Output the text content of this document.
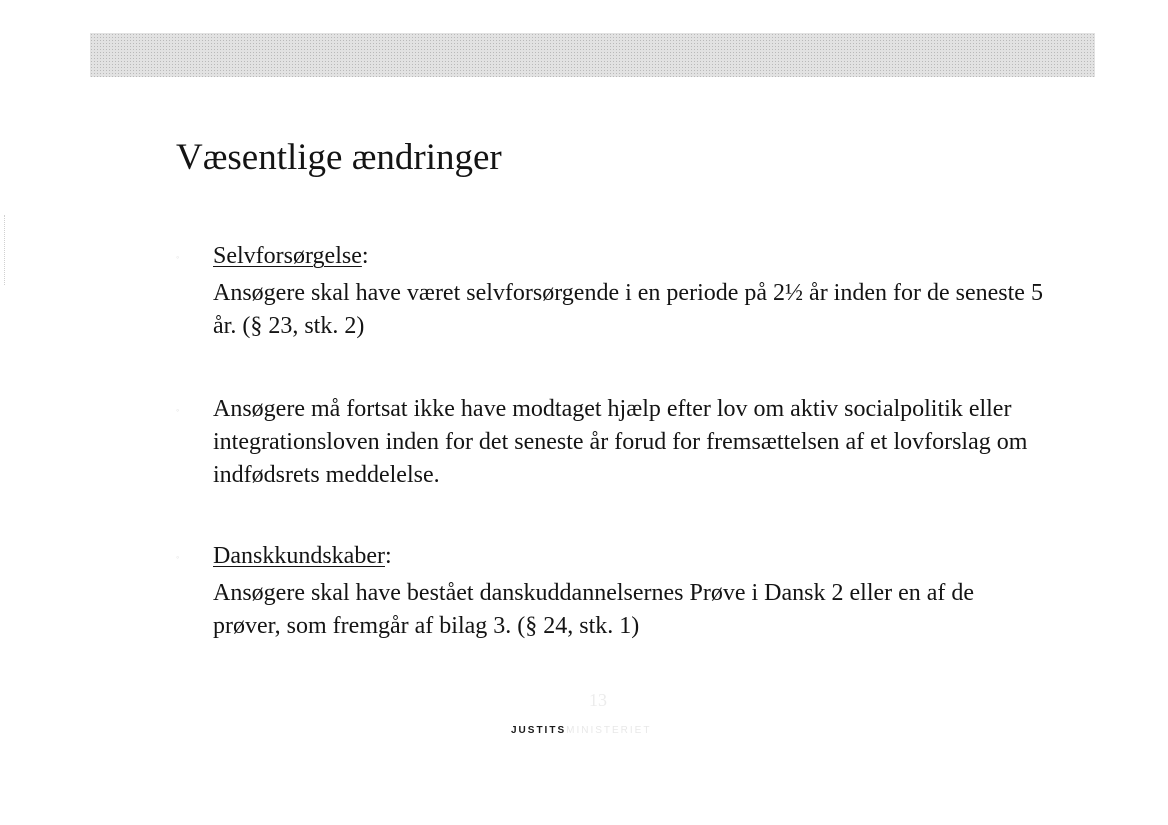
Væsentlige ændringer
◦ Selvforsørgelse:
Ansøgere skal have været selvforsørgende i en periode på 2½ år inden for de seneste 5 år. (§ 23, stk. 2)
◦ Ansøgere må fortsat ikke have modtaget hjælp efter lov om aktiv socialpolitik eller integrationsloven inden for det seneste år forud for fremsættelsen af et lovforslag om indfødsrets meddelelse.
◦ Danskkundskaber:
Ansøgere skal have bestået danskuddannelsernes Prøve i Dansk 2 eller en af de prøver, som fremgår af bilag 3. (§ 24, stk. 1)
13
JUSTITSMINISTERIET
